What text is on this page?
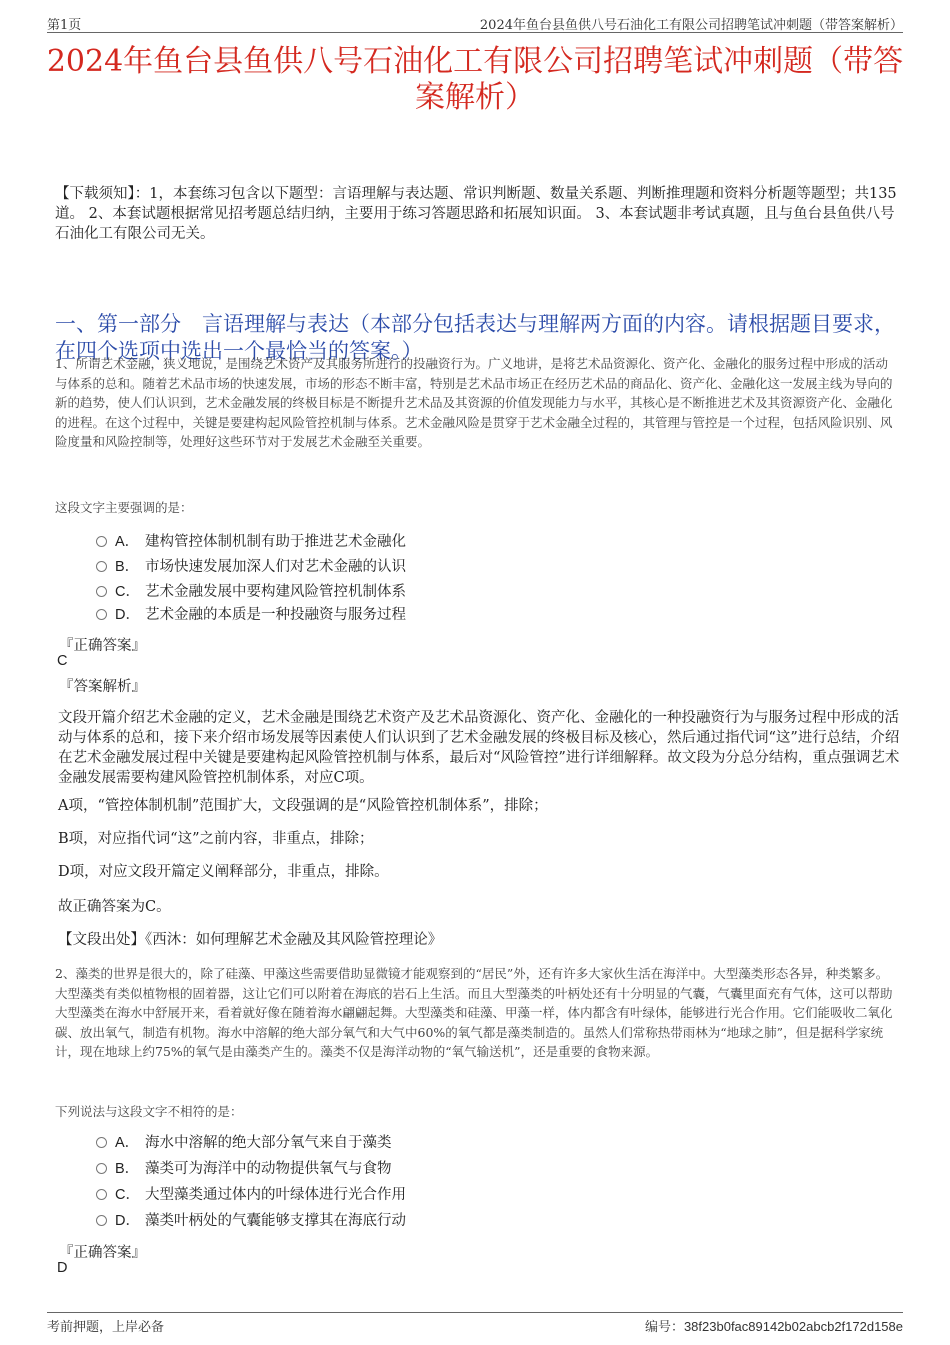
第1页	2024年鱼台县鱼供八号石油化工有限公司招聘笔试冲刺题（带答案解析）
2024年鱼台县鱼供八号石油化工有限公司招聘笔试冲刺题（带答案解析）
【下载须知】：1，本套练习包含以下题型：言语理解与表达题、常识判断题、数量关系题、判断推理题和资料分析题等题型；共135道。 2、本套试题根据常见招考题总结归纳，主要用于练习答题思路和拓展知识面。 3、本套试题非考试真题，且与鱼台县鱼供八号石油化工有限公司无关。
一、第一部分　言语理解与表达（本部分包括表达与理解两方面的内容。请根据题目要求，在四个选项中选出一个最恰当的答案。）
1、所谓艺术金融，狭义地说，是围绕艺术资产及其服务所进行的投融资行为。广义地讲，是将艺术品资源化、资产化、金融化的服务过程中形成的活动与体系的总和。随着艺术品市场的快速发展，市场的形态不断丰富，特别是艺术品市场正在经历艺术品的商品化、资产化、金融化这一发展主线为导向的新的趋势，使人们认识到，艺术金融发展的终极目标是不断提升艺术品及其资源的价值发现能力与水平，其核心是不断推进艺术及其资源资产化、金融化的进程。在这个过程中，关键是要建构起风险管控机制与体系。艺术金融风险是贯穿于艺术金融全过程的，其管理与管控是一个过程，包括风险识别、风险度量和风险控制等，处理好这些环节对于发展艺术金融至关重要。
这段文字主要强调的是：
A． 建构管控体制机制有助于推进艺术金融化
B． 市场快速发展加深人们对艺术金融的认识
C． 艺术金融发展中要构建风险管控机制体系
D． 艺术金融的本质是一种投融资与服务过程
『正确答案』
C
『答案解析』
文段开篇介绍艺术金融的定义，艺术金融是围绕艺术资产及艺术品资源化、资产化、金融化的一种投融资行为与服务过程中形成的活动与体系的总和，接下来介绍市场发展等因素使人们认识到了艺术金融发展的终极目标及核心，然后通过指代词“这”进行总结，介绍在艺术金融发展过程中关键是要建构起风险管控机制与体系，最后对“风险管控”进行详细解释。故文段为分总分结构，重点强调艺术金融发展需要构建风险管控机制体系，对应C项。
A项，“管控体制机制”范围扩大，文段强调的是“风险管控机制体系”，排除；
B项，对应指代词“这”之前内容，非重点，排除；
D项，对应文段开篇定义阐释部分，非重点，排除。
故正确答案为C。
【文段出处】《西沐：如何理解艺术金融及其风险管控理论》
2、藻类的世界是很大的，除了硅藻、甲藻这些需要借助显微镜才能观察到的“居民”外，还有许多大家伙生活在海洋中。大型藻类形态各异，种类繁多。大型藻类有类似植物根的固着器，这让它们可以附着在海底的岩石上生活。而且大型藻类的叶柄处还有十分明显的气囊，气囊里面充有气体，这可以帮助大型藻类在海水中舒展开来，看着就好像在随着海水翩翩起舞。大型藻类和硅藻、甲藻一样，体内都含有叶绿体，能够进行光合作用。它们能吸收二氧化碳、放出氧气，制造有机物。海水中溶解的绝大部分氧气和大气中60%的氧气都是藻类制造的。虽然人们常称热带雨林为“地球之肺”，但是据科学家统计，现在地球上约75%的氧气是由藻类产生的。藻类不仅是海洋动物的“氧气输送机”，还是重要的食物来源。
下列说法与这段文字不相符的是：
A． 海水中溶解的绝大部分氧气来自于藻类
B． 藻类可为海洋中的动物提供氧气与食物
C． 大型藻类通过体内的叶绿体进行光合作用
D． 藻类叶柄处的气囊能够支撑其在海底行动
『正确答案』
D
考前押题，上岸必备	编号：38f23b0fac89142b02abcb2f172d158e
